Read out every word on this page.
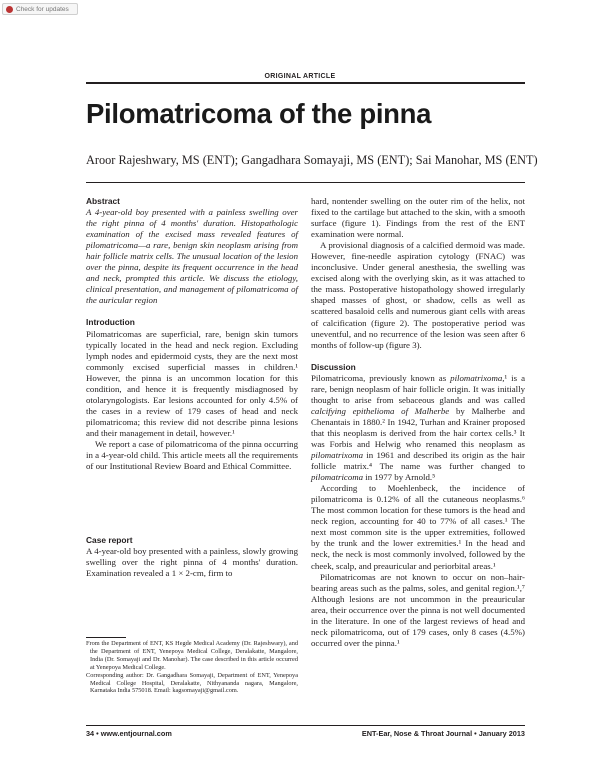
Check for updates
ORIGINAL ARTICLE
Pilomatricoma of the pinna
Aroor Rajeshwary, MS (ENT); Gangadhara Somayaji, MS (ENT); Sai Manohar, MS (ENT)
Abstract
A 4-year-old boy presented with a painless swelling over the right pinna of 4 months' duration. Histopathologic examination of the excised mass revealed features of pilomatricoma—a rare, benign skin neoplasm arising from hair follicle matrix cells. The unusual location of the lesion over the pinna, despite its frequent occurrence in the head and neck, prompted this article. We discuss the etiology, clinical presentation, and management of pilomatricoma of the auricular region
Introduction
Pilomatricomas are superficial, rare, benign skin tumors typically located in the head and neck region. Excluding lymph nodes and epidermoid cysts, they are the next most commonly excised superficial masses in children.¹ However, the pinna is an uncommon location for this condition, and hence it is frequently misdiagnosed by otolaryngologists. Ear lesions accounted for only 4.5% of the cases in a review of 179 cases of head and neck pilomatricoma; this review did not describe pinna lesions and their management in detail, however.¹
We report a case of pilomatricoma of the pinna occurring in a 4-year-old child. This article meets all the requirements of our Institutional Review Board and Ethical Committee.
Case report
A 4-year-old boy presented with a painless, slowly growing swelling over the right pinna of 4 months' duration. Examination revealed a 1 × 2-cm, firm to
From the Department of ENT, KS Hegde Medical Academy (Dr. Rajeshwary), and the Department of ENT, Yenepoya Medical College, Deralakatte, Mangalore, India (Dr. Somayaji and Dr. Manohar). The case described in this article occurred at Yenepoya Medical College.
Corresponding author: Dr. Gangadhara Somayaji, Department of ENT, Yenepoya Medical College Hospital, Deralakatte, Nithyananda nagara, Mangalore, Karnataka India 575018. Email: kagsomayaji@gmail.com.
hard, nontender swelling on the outer rim of the helix, not fixed to the cartilage but attached to the skin, with a smooth surface (figure 1). Findings from the rest of the ENT examination were normal.
A provisional diagnosis of a calcified dermoid was made. However, fine-needle aspiration cytology (FNAC) was inconclusive. Under general anesthesia, the swelling was excised along with the overlying skin, as it was attached to the mass. Postoperative histopathology showed irregularly shaped masses of ghost, or shadow, cells as well as scattered basaloid cells and numerous giant cells with areas of calcification (figure 2). The postoperative period was uneventful, and no recurrence of the lesion was seen after 6 months of follow-up (figure 3).
Discussion
Pilomatricoma, previously known as pilomatrixoma,¹ is a rare, benign neoplasm of hair follicle origin. It was initially thought to arise from sebaceous glands and was called calcifying epithelioma of Malherbe by Malherbe and Chenantais in 1880.² In 1942, Turhan and Krainer proposed that this neoplasm is derived from the hair cortex cells.³ It was Forbis and Helwig who renamed this neoplasm as pilomatrixoma in 1961 and described its origin as the hair follicle matrix.⁴ The name was further changed to pilomatricoma in 1977 by Arnold.⁵
According to Moehlenbeck, the incidence of pilomatricoma is 0.12% of all the cutaneous neoplasms.⁶ The most common location for these tumors is the head and neck region, accounting for 40 to 77% of all cases.¹ The next most common site is the upper extremities, followed by the trunk and the lower extremities.¹ In the head and neck, the neck is most commonly involved, followed by the cheek, scalp, and preauricular and periorbital areas.¹
Pilomatricomas are not known to occur on non–hair-bearing areas such as the palms, soles, and genital region.¹,⁷ Although lesions are not uncommon in the preauricular area, their occurrence over the pinna is not well documented in the literature. In one of the largest reviews of head and neck pilomatricoma, out of 179 cases, only 8 cases (4.5%) occurred over the pinna.¹
34 • www.entjournal.com	ENT-Ear, Nose & Throat Journal • January 2013
